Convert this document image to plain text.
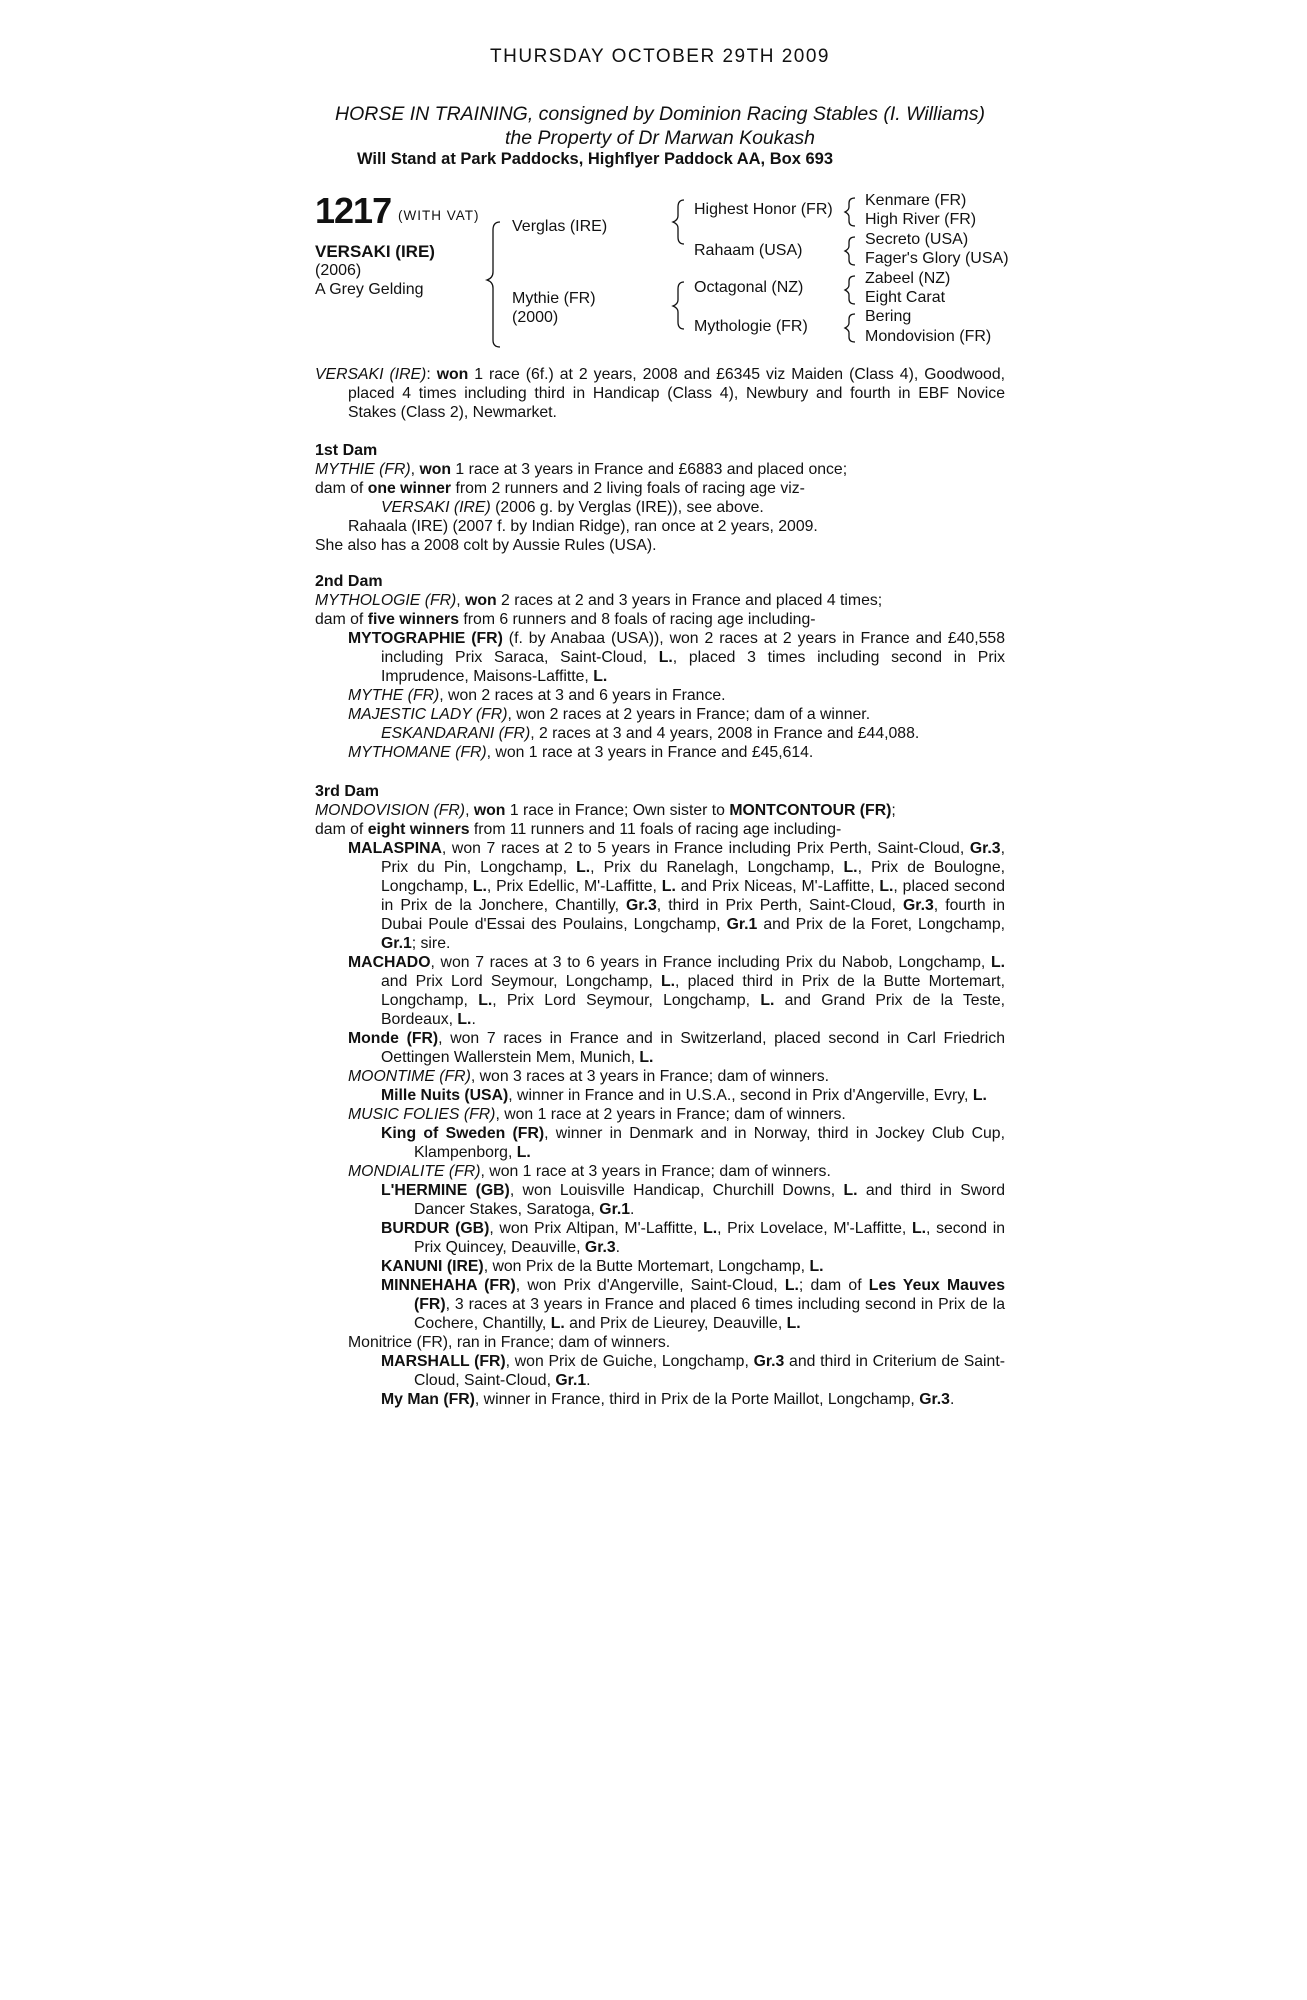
THURSDAY OCTOBER 29TH 2009
HORSE IN TRAINING, consigned by Dominion Racing Stables (I. Williams)
the Property of Dr Marwan Koukash
Will Stand at Park Paddocks, Highflyer Paddock AA, Box 693
1217 (WITH VAT)
VERSAKI (IRE)
(2006)
A Grey Gelding
Verglas (IRE)
Mythie (FR)
(2000)
Highest Honor (FR)
Rahaam (USA)
Octagonal (NZ)
Mythologie (FR)
Kenmare (FR)
High River (FR)
Secreto (USA)
Fager's Glory (USA)
Zabeel (NZ)
Eight Carat
Bering
Mondovision (FR)

VERSAKI (IRE): won 1 race (6f.) at 2 years, 2008 and £6345 viz Maiden (Class 4), Goodwood, placed 4 times including third in Handicap (Class 4), Newbury and fourth in EBF Novice Stakes (Class 2), Newmarket.

1st Dam

MYTHIE (FR), won 1 race at 3 years in France and £6883 and placed once;

dam of one winner from 2 runners and 2 living foals of racing age viz-

VERSAKI (IRE) (2006 g. by Verglas (IRE)), see above.

Rahaala (IRE) (2007 f. by Indian Ridge), ran once at 2 years, 2009.

She also has a 2008 colt by Aussie Rules (USA).

2nd Dam

MYTHOLOGIE (FR), won 2 races at 2 and 3 years in France and placed 4 times;

dam of five winners from 6 runners and 8 foals of racing age including-

MYTOGRAPHIE (FR) (f. by Anabaa (USA)), won 2 races at 2 years in France and £40,558 including Prix Saraca, Saint-Cloud, L., placed 3 times including second in Prix Imprudence, Maisons-Laffitte, L.

MYTHE (FR), won 2 races at 3 and 6 years in France.

MAJESTIC LADY (FR), won 2 races at 2 years in France; dam of a winner.

ESKANDARANI (FR), 2 races at 3 and 4 years, 2008 in France and £44,088.

MYTHOMANE (FR), won 1 race at 3 years in France and £45,614.

3rd Dam

MONDOVISION (FR), won 1 race in France; Own sister to MONTCONTOUR (FR);

dam of eight winners from 11 runners and 11 foals of racing age including-

MALASPINA, won 7 races at 2 to 5 years in France including Prix Perth, Saint-Cloud, Gr.3, Prix du Pin, Longchamp, L., Prix du Ranelagh, Longchamp, L., Prix de Boulogne, Longchamp, L., Prix Edellic, M'-Laffitte, L. and Prix Niceas, M'-Laffitte, L., placed second in Prix de la Jonchere, Chantilly, Gr.3, third in Prix Perth, Saint-Cloud, Gr.3, fourth in Dubai Poule d'Essai des Poulains, Longchamp, Gr.1 and Prix de la Foret, Longchamp, Gr.1; sire.

MACHADO, won 7 races at 3 to 6 years in France including Prix du Nabob, Longchamp, L. and Prix Lord Seymour, Longchamp, L., placed third in Prix de la Butte Mortemart, Longchamp, L., Prix Lord Seymour, Longchamp, L. and Grand Prix de la Teste, Bordeaux, L..

Monde (FR), won 7 races in France and in Switzerland, placed second in Carl Friedrich Oettingen Wallerstein Mem, Munich, L.

MOONTIME (FR), won 3 races at 3 years in France; dam of winners.

Mille Nuits (USA), winner in France and in U.S.A., second in Prix d'Angerville, Evry, L.

MUSIC FOLIES (FR), won 1 race at 2 years in France; dam of winners.

King of Sweden (FR), winner in Denmark and in Norway, third in Jockey Club Cup, Klampenborg, L.

MONDIALITE (FR), won 1 race at 3 years in France; dam of winners.

L'HERMINE (GB), won Louisville Handicap, Churchill Downs, L. and third in Sword Dancer Stakes, Saratoga, Gr.1.

BURDUR (GB), won Prix Altipan, M'-Laffitte, L., Prix Lovelace, M'-Laffitte, L., second in Prix Quincey, Deauville, Gr.3.

KANUNI (IRE), won Prix de la Butte Mortemart, Longchamp, L.

MINNEHAHA (FR), won Prix d'Angerville, Saint-Cloud, L.; dam of Les Yeux Mauves (FR), 3 races at 3 years in France and placed 6 times including second in Prix de la Cochere, Chantilly, L. and Prix de Lieurey, Deauville, L.

Monitrice (FR), ran in France; dam of winners.

MARSHALL (FR), won Prix de Guiche, Longchamp, Gr.3 and third in Criterium de Saint-Cloud, Saint-Cloud, Gr.1.

My Man (FR), winner in France, third in Prix de la Porte Maillot, Longchamp, Gr.3.
